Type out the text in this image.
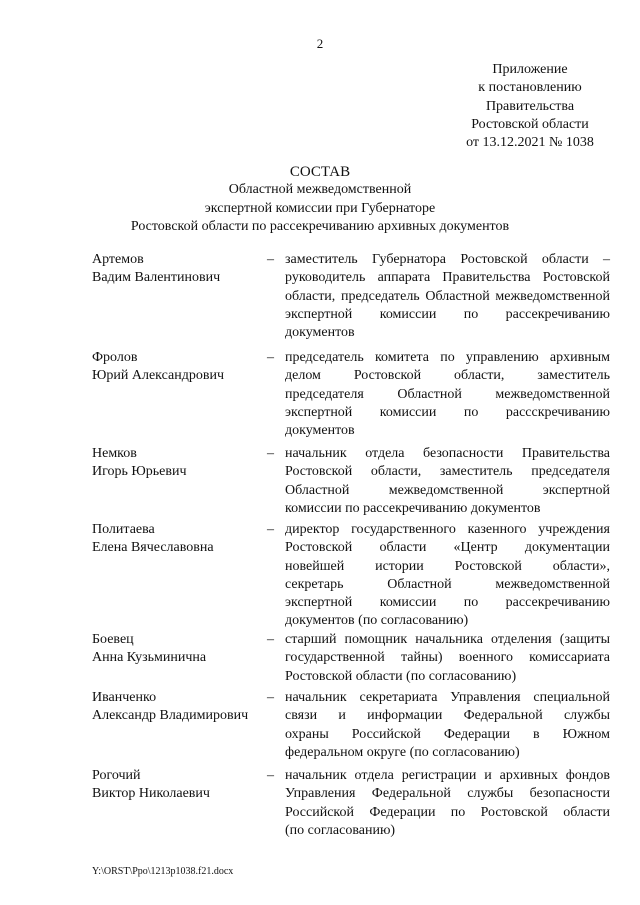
2
Приложение
к постановлению
Правительства
Ростовской области
от 13.12.2021 № 1038
СОСТАВ
Областной межведомственной
экспертной комиссии при Губернаторе
Ростовской области по рассекречиванию архивных документов
Артемов
Вадим Валентинович
– заместитель Губернатора Ростовской области –
руководитель аппарата Правительства Ростовской
области, председатель Областной межведомственной
экспертной комиссии по рассекречиванию
документов
Фролов
Юрий Александрович
– председатель комитета по управлению архивным
делом Ростовской области, заместитель
председателя Областной межведомственной
экспертной комиссии по рассскречиванию
документов
Немков
Игорь Юрьевич
– начальник отдела безопасности Правительства
Ростовской области, заместитель председателя
Областной межведомственной экспертной
комиссии по рассекречиванию документов
Политаева
Елена Вячеславовна
– директор государственного казенного учреждения
Ростовской области «Центр документации
новейшей истории Ростовской области»,
секретарь Областной межведомственной
экспертной комиссии по рассекречиванию
документов (по согласованию)
Боевец
Анна Кузьминична
– старший помощник начальника отделения (защиты
государственной тайны) военного комиссариата
Ростовской области (по согласованию)
Иванченко
Александр Владимирович
– начальник секретариата Управления специальной
связи и информации Федеральной службы
охраны Российской Федерации в Южном
федеральном округе (по согласованию)
Рогочий
Виктор Николаевич
– начальник отдела регистрации и архивных фондов
Управления Федеральной службы безопасности
Российской Федерации по Ростовской области
(по согласованию)
Y:\ORST\Ppo\1213p1038.f21.docx
